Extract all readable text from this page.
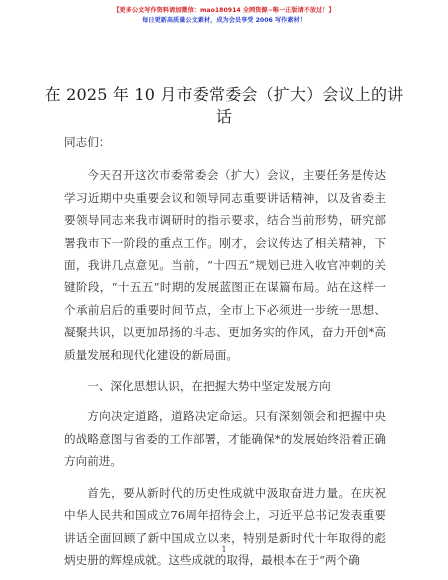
【更多公文写作资料请加微信：mao180914 全网资源~唯一正版请不放过！】
每日更新高质量公文素材，成为会员享受 2006 写作素材！
在 2025 年 10 月市委常委会（扩大）会议上的讲话

同志们：

今天召开这次市委常委会（扩大）会议，主要任务是传达学习近期中央重要会议和领导同志重要讲话精神，以及省委主要领导同志来我市调研时的指示要求，结合当前形势，研究部署我市下一阶段的重点工作。刚才，会议传达了相关精神，下面，我讲几点意见。当前，“十四五”规划已进入收官冲刺的关键阶段，“十五五”时期的发展蓝图正在谋篇布局。站在这样一个承前启后的重要时间节点，全市上下必须进一步统一思想、凝聚共识，以更加昂扬的斗志、更加务实的作风，奋力开创*高质量发展和现代化建设的新局面。

一、深化思想认识，在把握大势中坚定发展方向

方向决定道路，道路决定命运。只有深刻领会和把握中央的战略意图与省委的工作部署，才能确保*的发展始终沿着正确方向前进。

首先，要从新时代的历史性成就中汲取奋进力量。在庆祝中华人民共和国成立76周年招待会上，习近平总书记发表重要讲话全面回顾了新中国成立以来，特别是新时代十年取得的彪炳史册的辉煌成就。这些成就的取得，最根本在于“两个确

1
